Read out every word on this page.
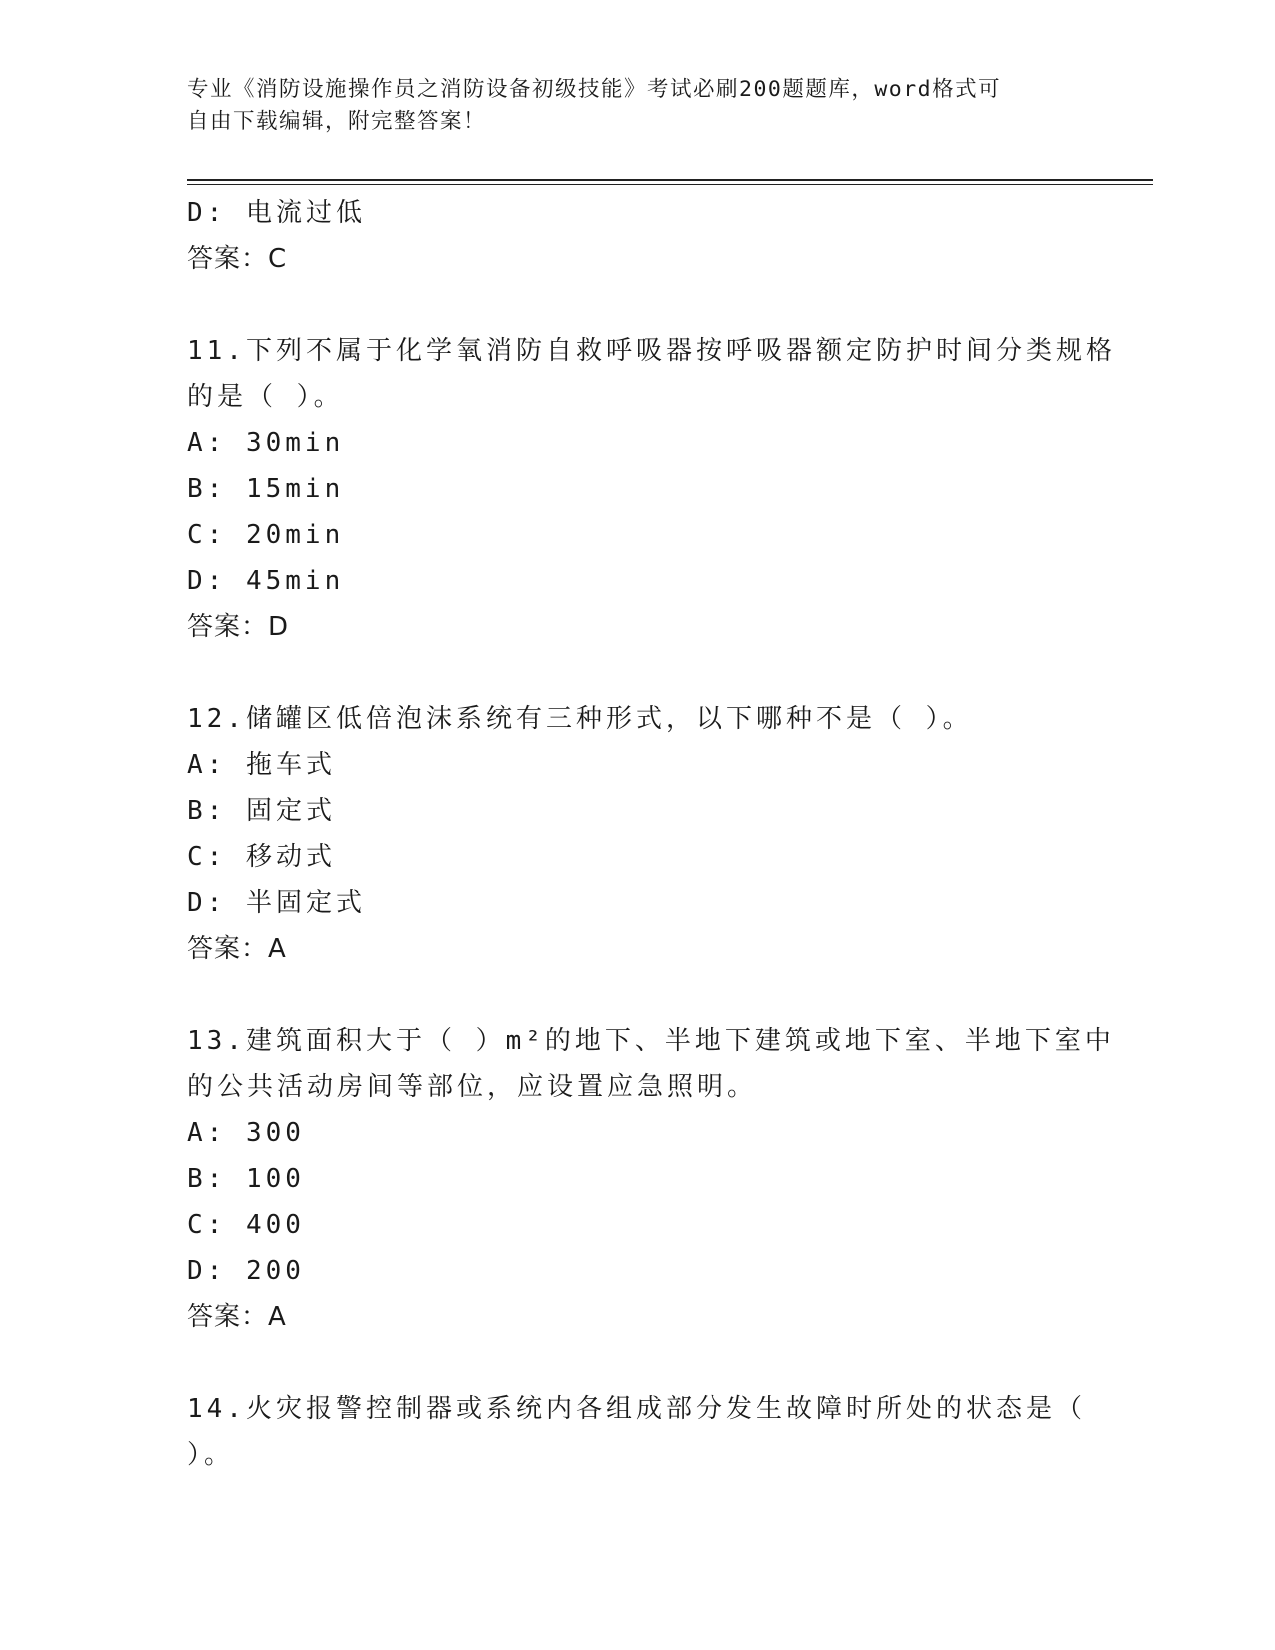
专业《消防设施操作员之消防设备初级技能》考试必刷200题题库，word格式可
自由下载编辑，附完整答案！
D: 电流过低
答案：C
11.下列不属于化学氧消防自救呼吸器按呼吸器额定防护时间分类规格
的是（ ）。
A: 30min
B: 15min
C: 20min
D: 45min
答案：D
12.储罐区低倍泡沫系统有三种形式，以下哪种不是（ ）。
A: 拖车式
B: 固定式
C: 移动式
D: 半固定式
答案：A
13.建筑面积大于（ ）m²的地下、半地下建筑或地下室、半地下室中
的公共活动房间等部位，应设置应急照明。
A: 300
B: 100
C: 400
D: 200
答案：A
14.火灾报警控制器或系统内各组成部分发生故障时所处的状态是（
）。
